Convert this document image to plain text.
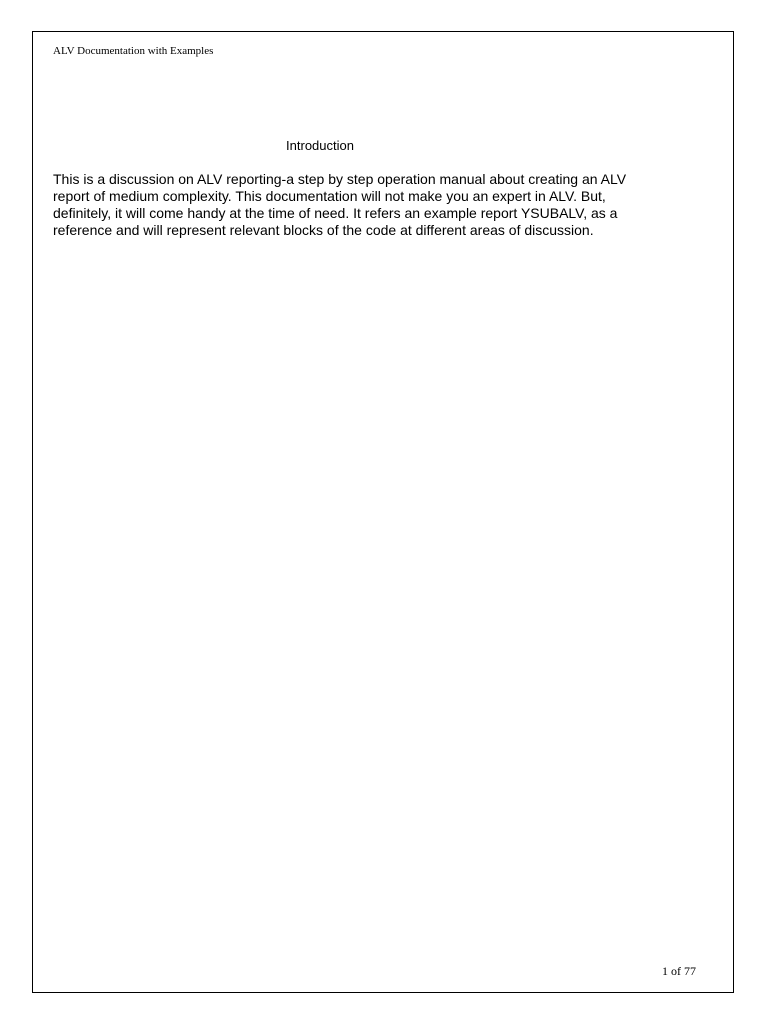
ALV Documentation with Examples
Introduction
This is a discussion on ALV reporting-a step by step operation manual about creating an ALV
report of medium complexity. This documentation will not make you an expert in ALV. But,
definitely, it will come handy at the time of need. It refers an example report YSUBALV, as a
reference and will represent relevant blocks of the code at different areas of discussion.
1 of 77
